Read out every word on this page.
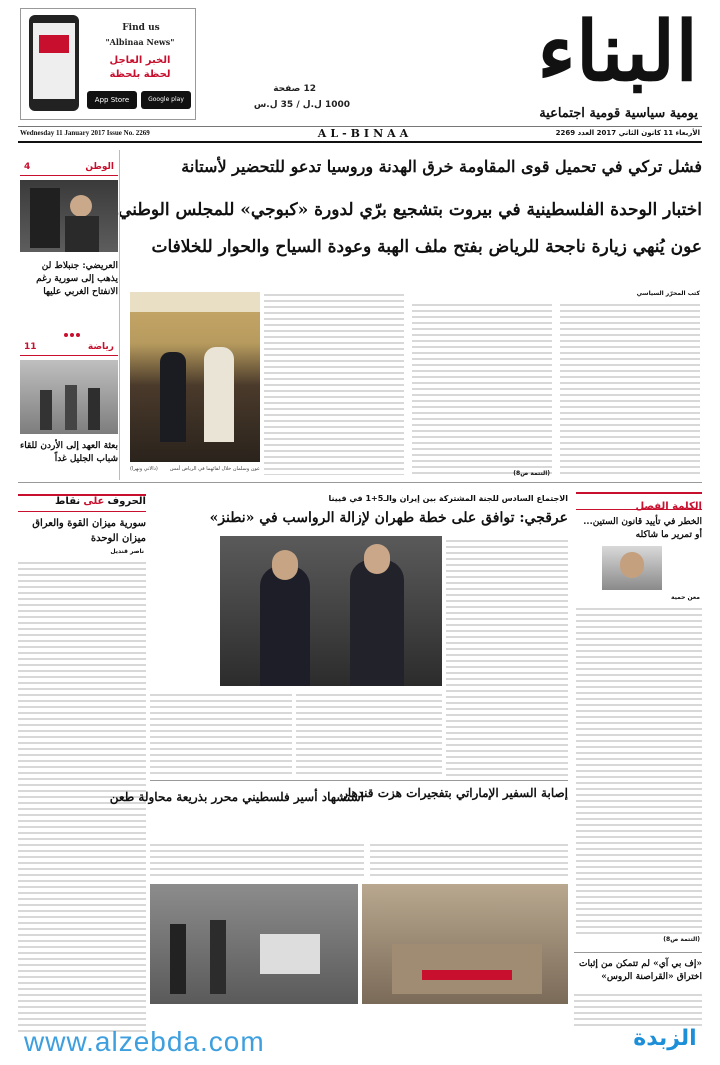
Find us
"Albinaa News"
الخبر العاجل
لحظة بلحظة
App Store	Google play
12 صفحة
1000 ل.ل / 35 ل.س
البناء
يومية سياسية قومية اجتماعية
Wednesday 11 January 2017 Issue No. 2269	AL-BINAA	الأربعاء 11 كانون الثاني 2017 العدد 2269
فشل تركي في تحميل قوى المقاومة خرق الهدنة وروسيا تدعو للتحضير لأستانة
اختبار الوحدة الفلسطينية في بيروت بتشجيع برّي لدورة «كبوجي» للمجلس الوطني
عون يُنهي زيارة ناجحة للرياض بفتح ملف الهبة وعودة السياح والحوار للخلافات
كتب المحرّر السياسي
(التتمة ص8)
عون وسلمان خلال لقائهما في الرياض أمس
(دالاتي ونهرا)
الوطن
4
العريضي: جنبلاط لن يذهب إلى سورية رغم الانفتاح الغربي عليها
رياضة
11
بعثة العهد إلى الأردن للقاء شباب الجليل غداً
الكلمة الفصل
الخطر في تأييد قانون الستين... أو تمرير ما شاكله
معن حمية
(التتمة ص8)
الاجتماع السادس للجنة المشتركة بين إيران والـ5+1 في فيينا
عرقجي: توافق على خطة طهران لإزالة الرواسب في «نطنز»
الحروف على نقاط
سورية ميزان القوة والعراق ميزان الوحدة
ناصر قنديل
إصابة السفير الإماراتي بتفجيرات هزت قندهار
استشهاد أسير فلسطيني محرر بذريعة محاولة طعن
«إف بي آي» لم تتمكن من إثبات اختراق «القراصنة الروس»
www.alzebda.com	الزبدة
